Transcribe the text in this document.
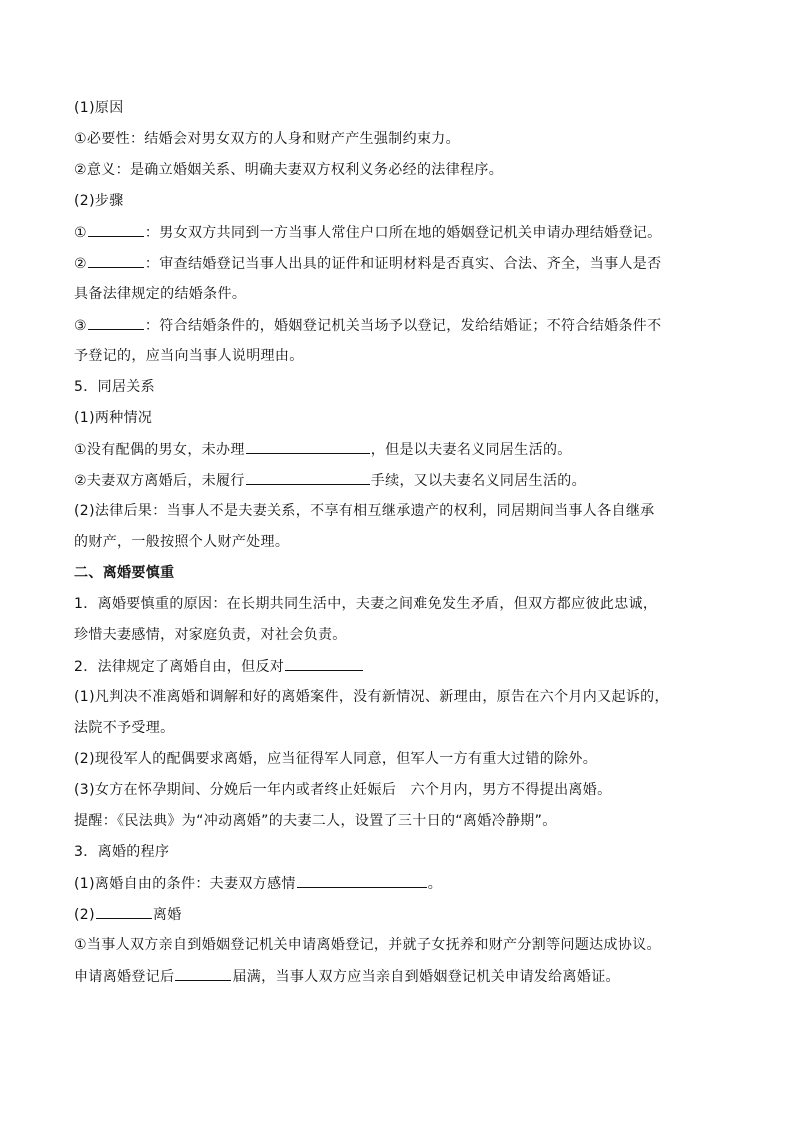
(1)原因
①必要性：结婚会对男女双方的人身和财产产生强制约束力。
②意义：是确立婚姻关系、明确夫妻双方权利义务必经的法律程序。
(2)步骤
①	：男女双方共同到一方当事人常住户口所在地的婚姻登记机关申请办理结婚登记。
②	：审查结婚登记当事人出具的证件和证明材料是否真实、合法、齐全，当事人是否
具备法律规定的结婚条件。
③	：符合结婚条件的，婚姻登记机关当场予以登记，发给结婚证；不符合结婚条件不
予登记的，应当向当事人说明理由。
5．同居关系
(1)两种情况
①没有配偶的男女，未办理	，但是以夫妻名义同居生活的。
②夫妻双方离婚后，未履行	手续，又以夫妻名义同居生活的。
(2)法律后果：当事人不是夫妻关系，不享有相互继承遗产的权利，同居期间当事人各自继承
的财产，一般按照个人财产处理。
二、离婚要慎重
1．离婚要慎重的原因：在长期共同生活中，夫妻之间难免发生矛盾，但双方都应彼此忠诚，
珍惜夫妻感情，对家庭负责，对社会负责。
2．法律规定了离婚自由，但反对
(1)凡判决不准离婚和调解和好的离婚案件，没有新情况、新理由，原告在六个月内又起诉的，
法院不予受理。
(2)现役军人的配偶要求离婚，应当征得军人同意，但军人一方有重大过错的除外。
(3)女方在怀孕期间、分娩后一年内或者终止妊娠后　六个月内，男方不得提出离婚。
提醒：《民法典》为“冲动离婚”的夫妻二人，设置了三十日的“离婚冷静期”。
3．离婚的程序
(1)离婚自由的条件：夫妻双方感情	。
(2)	离婚
①当事人双方亲自到婚姻登记机关申请离婚登记，并就子女抚养和财产分割等问题达成协议。
申请离婚登记后	届满，当事人双方应当亲自到婚姻登记机关申请发给离婚证。
